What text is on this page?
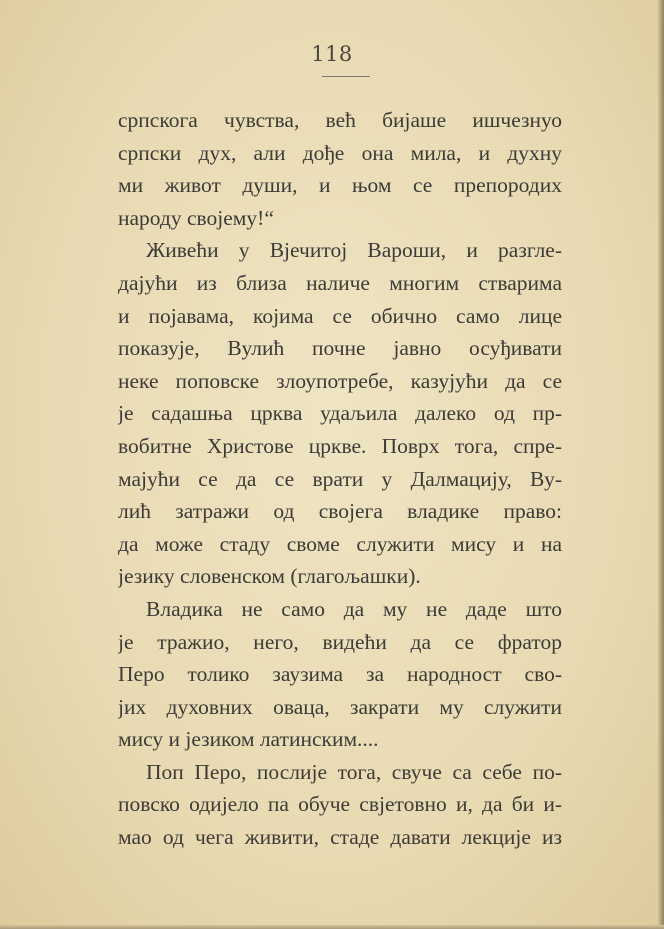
118
српскога чувства, већ бијаше ишчезнуо
српски дух, али дође она мила, и духну
ми живот души, и њом се препородих
народу своjему!“
Живећи у Вјечитој Вароши, и разгле-
дајући из близа наличе многим стварима
и појавама, којима се обично само лице
показује, Вулић почне јавно осуђивати
неке поповске злоупотребе, казујући да се
је садашња црква удаљила далеко од пр-
вобитне Христове цркве. Поврх тога, спре-
мајући се да се врати у Далмацију, Ву-
лић затражи од својега владике право:
да може стаду своме служити мису и на
језику словенском (глагољашки).
Владика не само да му не даде што
је тражио, него, видећи да се фратор
Перо толико заузима за народност сво-
јих духовних оваца, закрати му служити
мису и језиком латинским....
Поп Перо, послије тога, свуче са себе по-
повско одијело па обуче свјетовно и, да би и-
мао од чега живити, стаде давати лекције из
